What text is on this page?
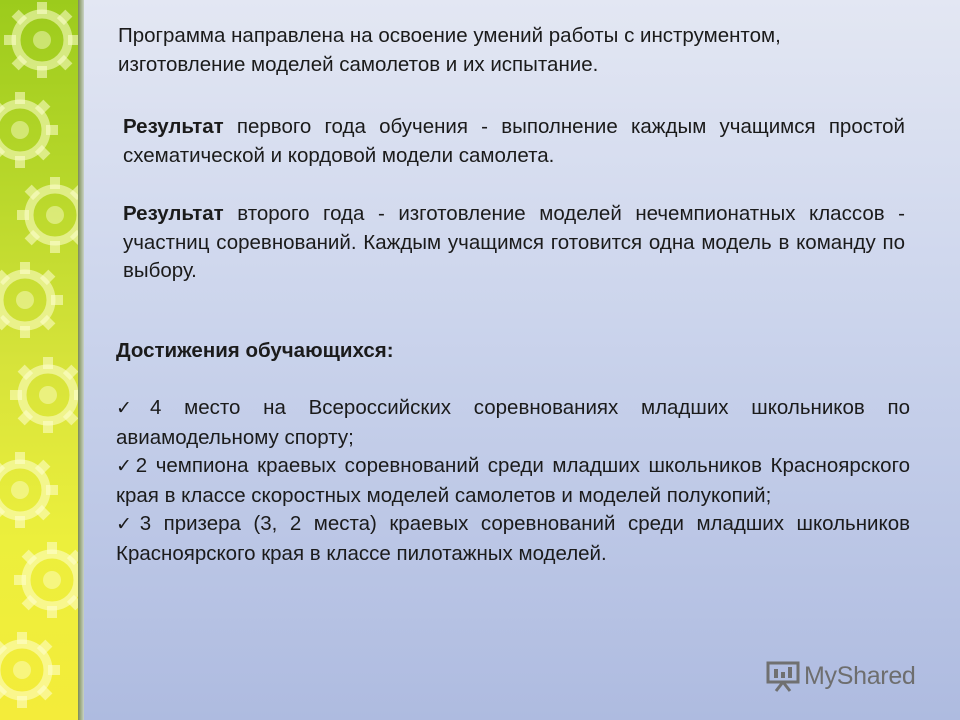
Программа направлена на освоение умений работы с инструментом, изготовление моделей самолетов и их испытание.
Результат первого года обучения - выполнение каждым учащимся простой схематической и кордовой модели самолета.
Результат второго года - изготовление моделей нечемпионатных классов - участниц соревнований. Каждым учащимся готовится одна модель в команду по выбору.
Достижения обучающихся:
✓4 место на Всероссийских соревнованиях младших школьников по авиамодельному спорту;
✓2 чемпиона краевых соревнований среди младших школьников Красноярского края в классе скоростных моделей самолетов и моделей полукопий;
✓3 призера (3, 2 места) краевых соревнований среди младших школьников Красноярского края в классе пилотажных моделей.
MyShared
